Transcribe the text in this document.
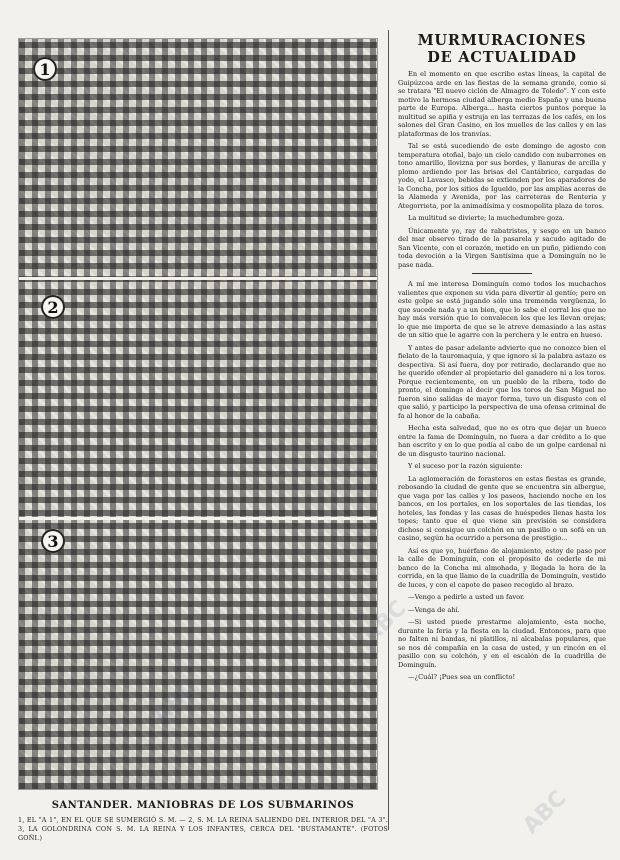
1
2
3
SANTANDER. MANIOBRAS DE LOS SUBMARINOS
1, EL "A 1", EN EL QUE SE SUMERGIÓ S. M. — 2, S. M. LA REINA SALIENDO DEL INTERIOR DEL "A 3". 3, LA GOLONDRINA CON S. M. LA REINA Y LOS INFANTES, CERCA DEL "BUSTAMANTE". (FOTOS GOÑI.)
MURMURACIONES
DE ACTUALIDAD

En el momento en que escribo estas líneas, la capital de Guipúzcoa arde en las fiestas de la semana grande, como si se tratara "El nuevo ciclón de Almagro de Toledo". Y con este motivo la hermosa ciudad alberga medio España y una buena parte de Europa. Alberga... hasta ciertos puntos porque la multitud se apiña y estruja en las terrazas de los cafés, en los salones del Gran Casino, en los muelles de las calles y en las plataformas de los tranvías.

Tal se está sucediendo de este domingo de agosto con temperatura otoñal, bajo un cielo candido con nubarrones en tono amarillo, llovizna por sus bordes, y llanuras de arcilla y plomo ardiendo por las brisas del Cantábrico, cargadas de yodo, el Lavasco, bebidas se extienden por los aparadores de la Concha, por los sitios de Igueldo, por las amplias aceras de la Alameda y Avenida, por las carreteras de Renteria y Ategorrieta, por la animadísima y cosmopolita plaza de toros.

La multitud se divierte; la muchedumbre goza.

Únicamente yo, ray de rabatristes, y sesgo en un banco del mar observo tirado de la pasarela y sacudo agitado de San Vicente, con el corazón, metido en un puño, pidiendo con toda devoción a la Virgen Santísima que a Dominguín no le pase nada.

A mí me interesa Dominguín como todos los muchachos valientes que exponen su vida para divertir al gentío; pero en este golpe se está jugando sólo una tremenda vergüenza, lo que sucede nada y a un bien, que lo sabe el corral los que no hay más versión que lo convalecen los que les llevan orejas; lo que me importa de que se le atreve demasiado a las astas de un sitio que le agarre con la perchera y le entra en hueso.

Y antes de pasar adelante advierto que no conozco bien el fielato de la tauromaquia, y que ignoro si la palabra astazo es despectiva. Si así fuera, doy por retirado, declarando que no he querido ofender al propietario del ganadero ni a los toros. Porque recientemente, en un pueblo de la ribera, todo de pronto, el domingo al decir que los toros de San Miguel no fueron sino salidas de mayor forma, tuvo un disgusto con el que salió, y participo la perspectiva de una ofensa criminal de fa al honor de la cabaña.

Hecha esta salvedad, que no es otra que dejar un hueco entre la fama de Dominguín, no fuera a dar crédito a lo que han escrito y en lo que podía al cabo de un golpe cardenal ni de un disgusto taurino nacional.

Y el suceso por la razón siguiente:

La aglomeración de forasteros en estas fiestas es grande, rebosando la ciudad de gente que se encuentra sin albergue, que vaga por las calles y los paseos, haciendo noche en los bancos, en los portales, en los soportales de las tiendas, los hoteles, las fondas y las casas de huéspedes llenas hasta los topes; tanto que el que viene sin previsión se considera dichoso si consigue un colchón en un pasillo o un sofá en un casino, según ha ocurrido a persona de prestigio...

Así es que yo, huérfano de alojamiento, estoy de paso por la calle de Dominguín, con el propósito de cederle de mi banco de la Concha mi almohada, y llegada la hora de la corrida, en la que llamo de la cuadrilla de Dominguín, vestido de luces, y con el capote de paseo recogido al brazo.

—Vengo a pedirle a usted un favor.

—Venga de ahí.

—Si usted puede prestarme alojamiento, esta noche, durante la feria y la fiesta en la ciudad. Entonces, para que no falten ni bandas, ni platillos, ni alcabalas populares, que se nos dé compañía en la casa de usted, y un rincón en el pasillo con su colchón, y en el escalón de la cuadrilla de Dominguín.

—¿Cuál? ¡Pues sea un conflicto!

ABC
ABC
ABC
